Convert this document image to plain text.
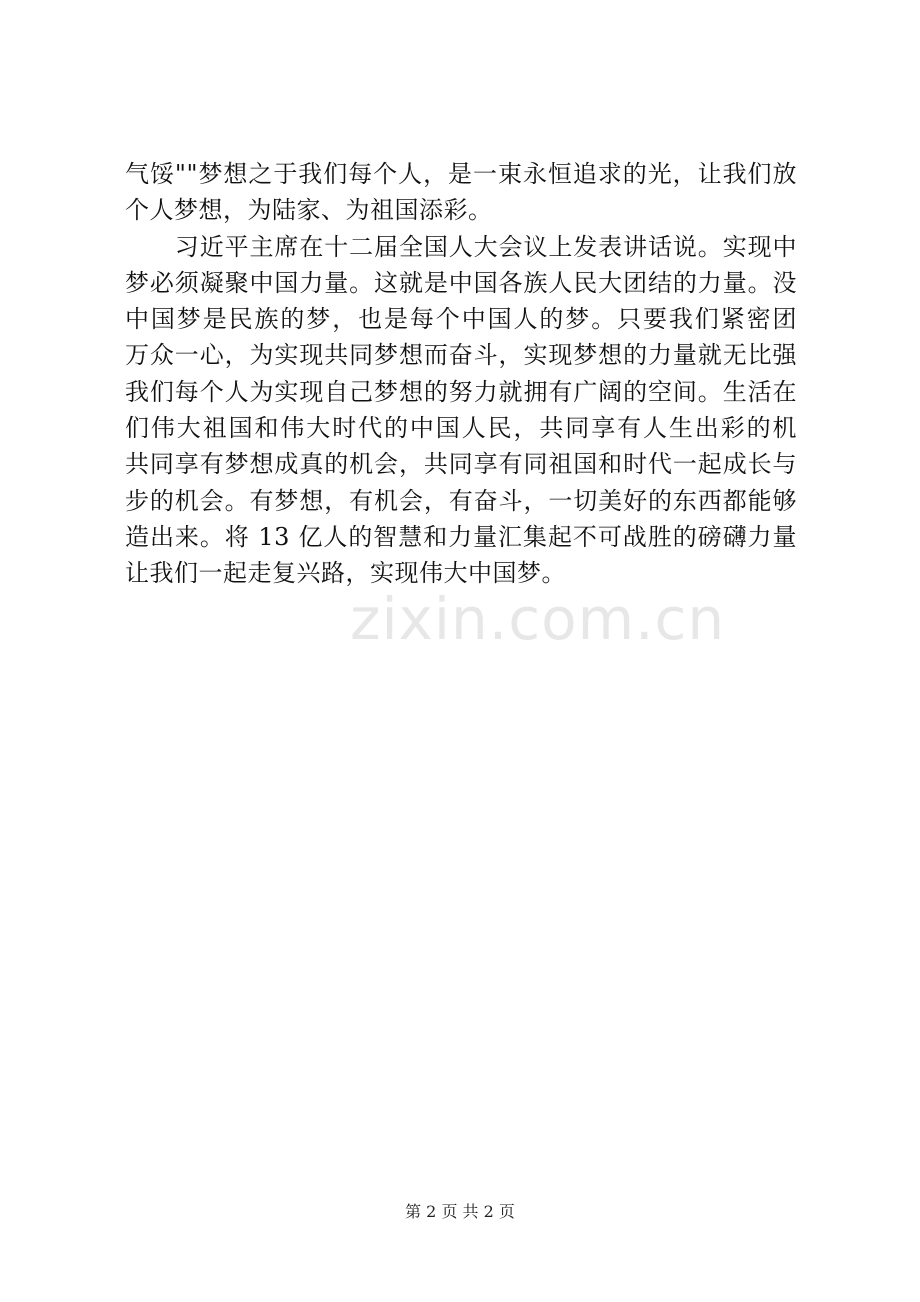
气馁""梦想之于我们每个人，是一束永恒追求的光，让我们放
个人梦想，为陆家、为祖国添彩。
　　习近平主席在十二届全国人大会议上发表讲话说。实现中
梦必须凝聚中国力量。这就是中国各族人民大团结的力量。没
中国梦是民族的梦，也是每个中国人的梦。只要我们紧密团
万众一心，为实现共同梦想而奋斗，实现梦想的力量就无比强
我们每个人为实现自己梦想的努力就拥有广阔的空间。生活在
们伟大祖国和伟大时代的中国人民，共同享有人生出彩的机
共同享有梦想成真的机会，共同享有同祖国和时代一起成长与
步的机会。有梦想，有机会，有奋斗，一切美好的东西都能够
造出来。将 13 亿人的智慧和力量汇集起不可战胜的磅礴力量
让我们一起走复兴路，实现伟大中国梦。
zixin.com.cn
第 2 页 共 2 页
